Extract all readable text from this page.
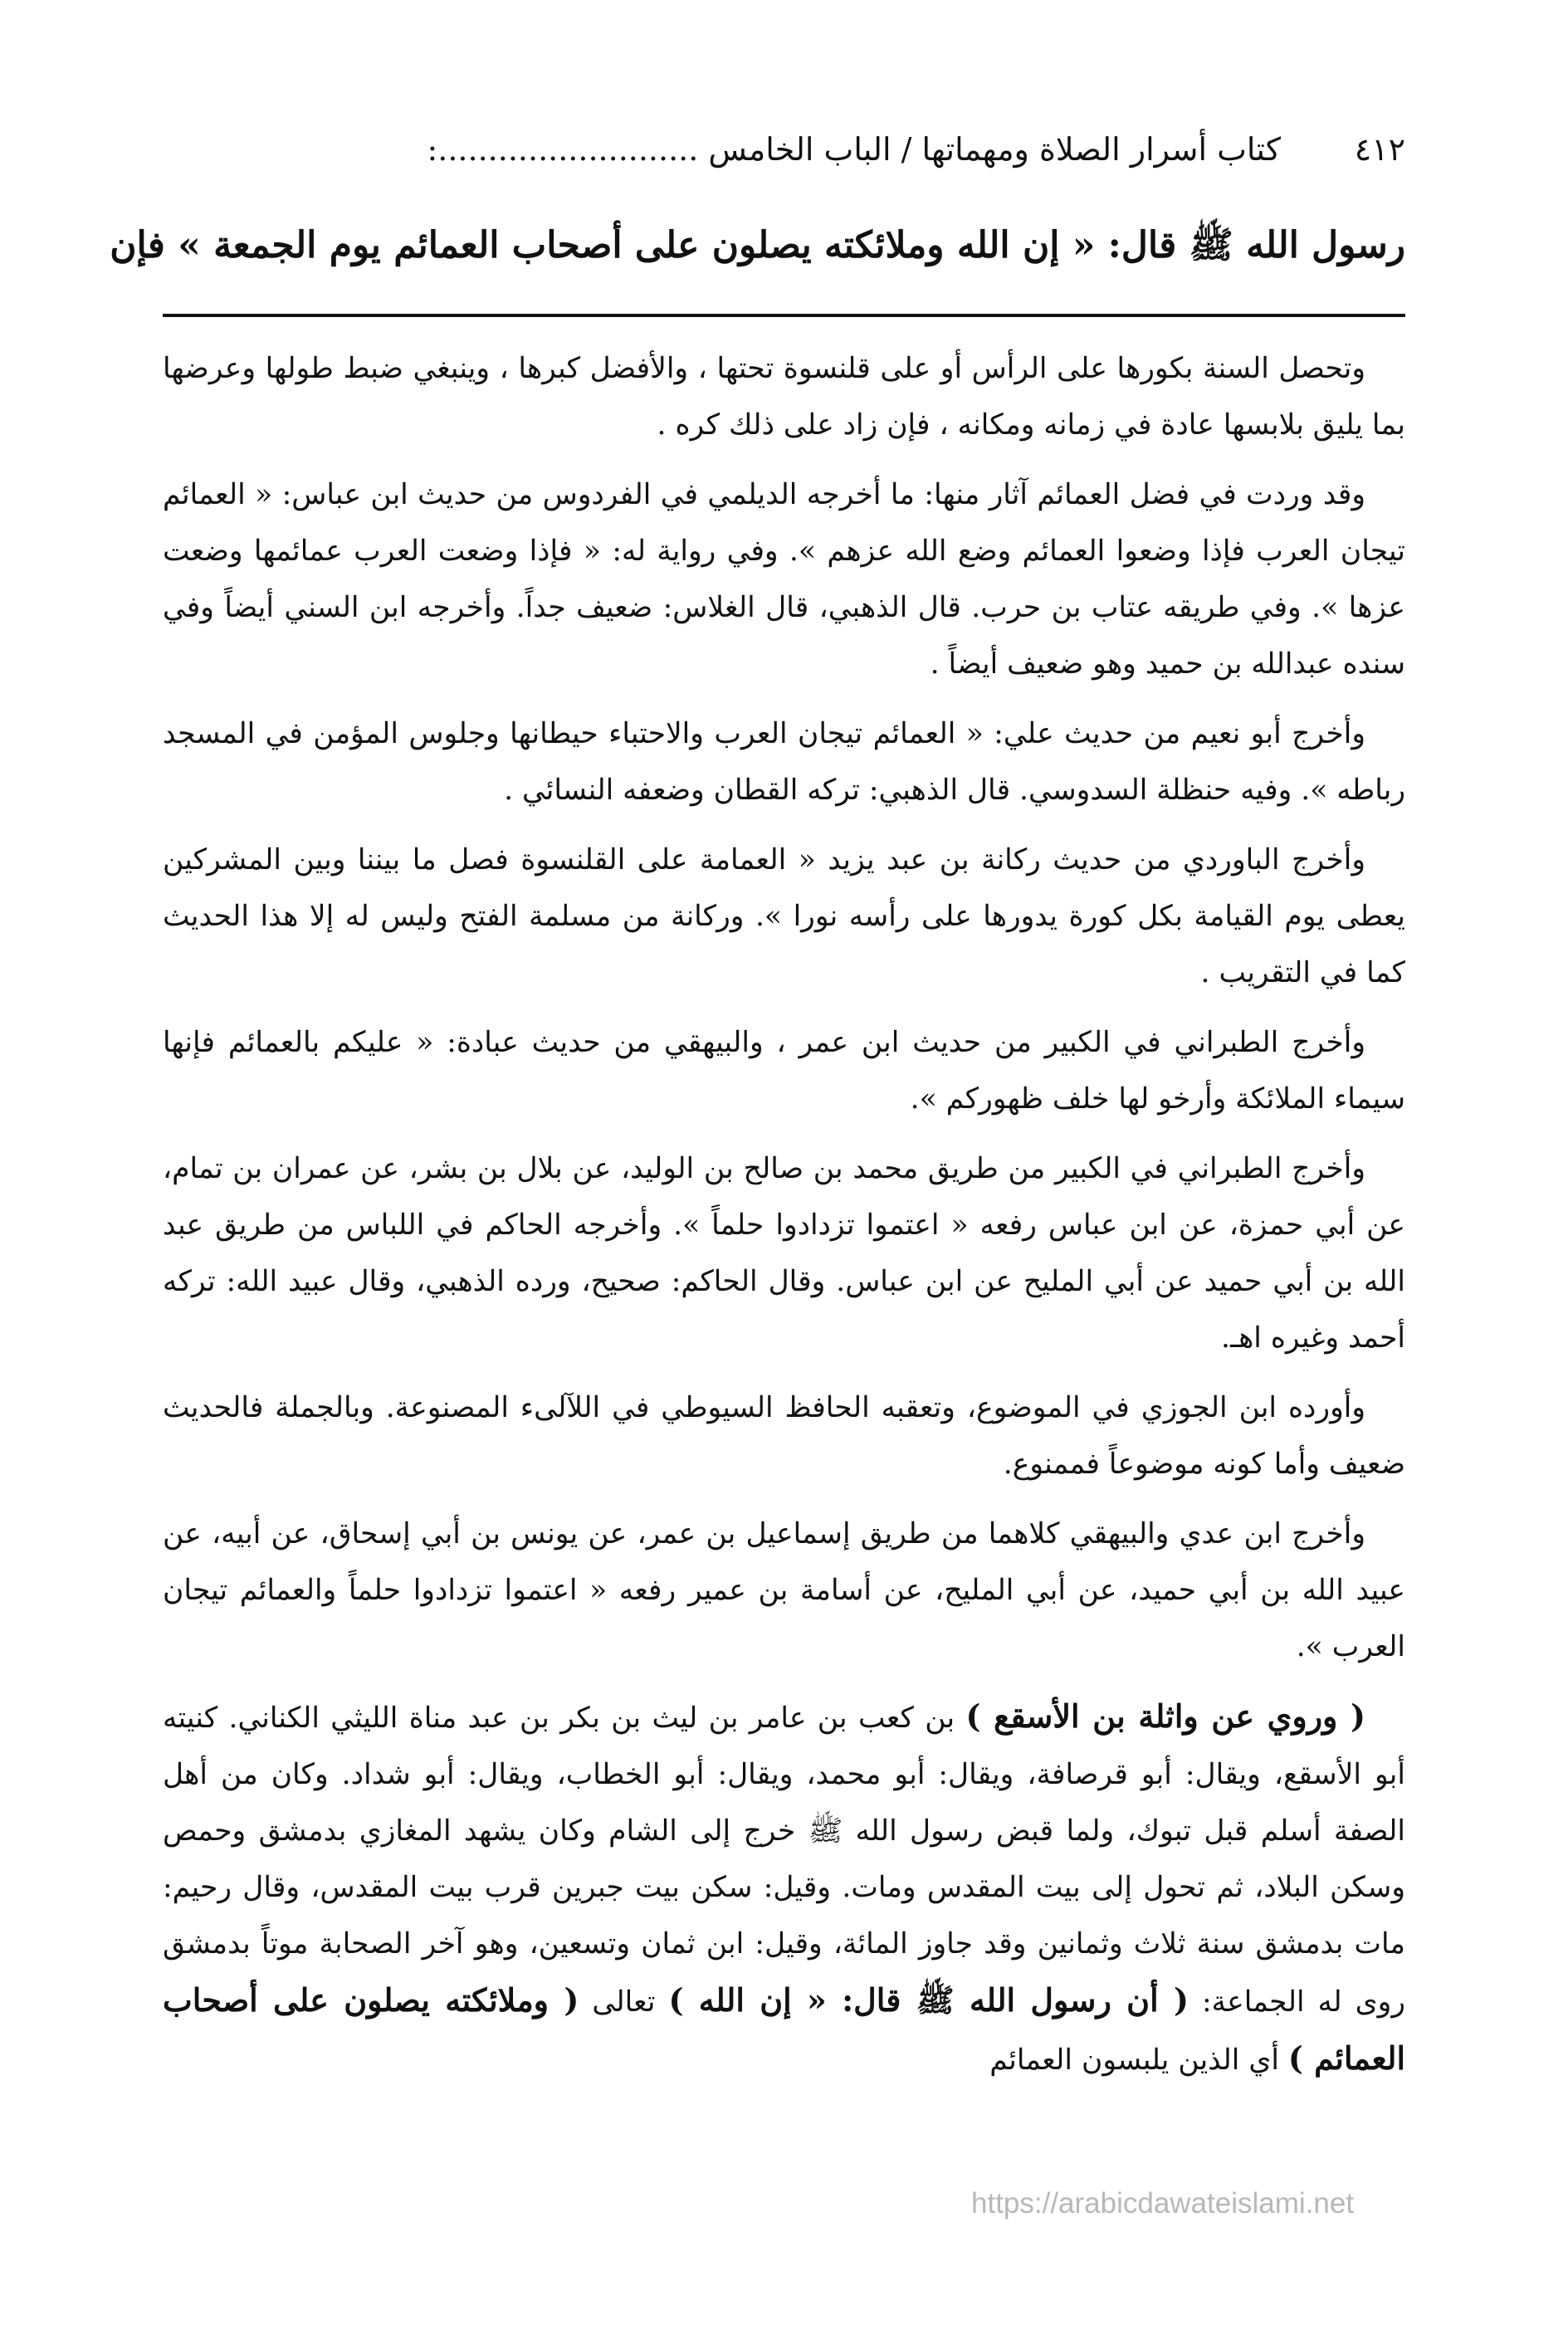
٤١٢
كتاب أسرار الصلاة ومهماتها / الباب الخامس ..........................:
رسول الله ﷺ قال: « إن الله وملائكته يصلون على أصحاب العمائم يوم الجمعة » فإن

وتحصل السنة بكورها على الرأس أو على قلنسوة تحتها ، والأفضل كبرها ، وينبغي ضبط طولها وعرضها بما يليق بلابسها عادة في زمانه ومكانه ، فإن زاد على ذلك كره .

وقد وردت في فضل العمائم آثار منها: ما أخرجه الديلمي في الفردوس من حديث ابن عباس: « العمائم تيجان العرب فإذا وضعوا العمائم وضع الله عزهم ». وفي رواية له: « فإذا وضعت العرب عمائمها وضعت عزها ». وفي طريقه عتاب بن حرب. قال الذهبي، قال الغلاس: ضعيف جداً. وأخرجه ابن السني أيضاً وفي سنده عبدالله بن حميد وهو ضعيف أيضاً .

وأخرج أبو نعيم من حديث علي: « العمائم تيجان العرب والاحتباء حيطانها وجلوس المؤمن في المسجد رباطه ». وفيه حنظلة السدوسي. قال الذهبي: تركه القطان وضعفه النسائي .

وأخرج الباوردي من حديث ركانة بن عبد يزيد « العمامة على القلنسوة فصل ما بيننا وبين المشركين يعطى يوم القيامة بكل كورة يدورها على رأسه نورا ». وركانة من مسلمة الفتح وليس له إلا هذا الحديث كما في التقريب .

وأخرج الطبراني في الكبير من حديث ابن عمر ، والبيهقي من حديث عبادة: « عليكم بالعمائم فإنها سيماء الملائكة وأرخو لها خلف ظهوركم ».

وأخرج الطبراني في الكبير من طريق محمد بن صالح بن الوليد، عن بلال بن بشر، عن عمران بن تمام، عن أبي حمزة، عن ابن عباس رفعه « اعتموا تزدادوا حلماً ». وأخرجه الحاكم في اللباس من طريق عبد الله بن أبي حميد عن أبي المليح عن ابن عباس. وقال الحاكم: صحيح، ورده الذهبي، وقال عبيد الله: تركه أحمد وغيره اهـ.

وأورده ابن الجوزي في الموضوع، وتعقبه الحافظ السيوطي في اللآلىء المصنوعة. وبالجملة فالحديث ضعيف وأما كونه موضوعاً فممنوع.

وأخرج ابن عدي والبيهقي كلاهما من طريق إسماعيل بن عمر، عن يونس بن أبي إسحاق، عن أبيه، عن عبيد الله بن أبي حميد، عن أبي المليح، عن أسامة بن عمير رفعه « اعتموا تزدادوا حلماً والعمائم تيجان العرب ».

( وروي عن واثلة بن الأسقع ) بن كعب بن عامر بن ليث بن بكر بن عبد مناة الليثي الكناني. كنيته أبو الأسقع، ويقال: أبو قرصافة، ويقال: أبو محمد، ويقال: أبو الخطاب، ويقال: أبو شداد. وكان من أهل الصفة أسلم قبل تبوك، ولما قبض رسول الله ﷺ خرج إلى الشام وكان يشهد المغازي بدمشق وحمص وسكن البلاد، ثم تحول إلى بيت المقدس ومات. وقيل: سكن بيت جبرين قرب بيت المقدس، وقال رحيم: مات بدمشق سنة ثلاث وثمانين وقد جاوز المائة، وقيل: ابن ثمان وتسعين، وهو آخر الصحابة موتاً بدمشق روى له الجماعة: ( أن رسول الله ﷺ قال: « إن الله ) تعالى ( وملائكته يصلون على أصحاب العمائم ) أي الذين يلبسون العمائم

https://arabicdawateislami.net
